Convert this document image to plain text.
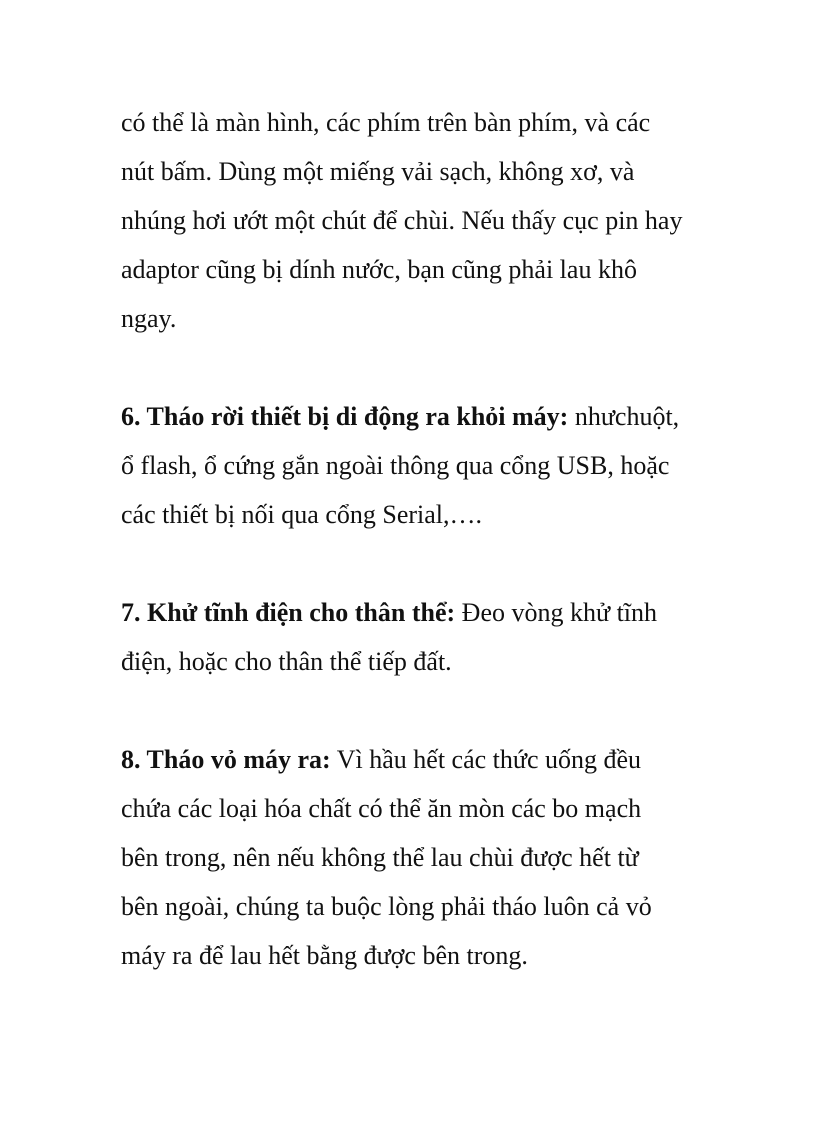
có thể là màn hình, các phím trên bàn phím, và các
nút bấm. Dùng một miếng vải sạch, không xơ, và
nhúng hơi ướt một chút để chùi. Nếu thấy cục pin hay
adaptor cũng bị dính nước, bạn cũng phải lau khô
ngay.
6. Tháo rời thiết bị di động ra khỏi máy: nhưchuột,
ổ flash, ổ cứng gắn ngoài thông qua cổng USB, hoặc
các thiết bị nối qua cổng Serial,….
7. Khử tĩnh điện cho thân thể: Đeo vòng khử tĩnh
điện, hoặc cho thân thể tiếp đất.
8. Tháo vỏ máy ra: Vì hầu hết các thức uống đều
chứa các loại hóa chất có thể ăn mòn các bo mạch
bên trong, nên nếu không thể lau chùi được hết từ
bên ngoài, chúng ta buộc lòng phải tháo luôn cả vỏ
máy ra để lau hết bằng được bên trong.
